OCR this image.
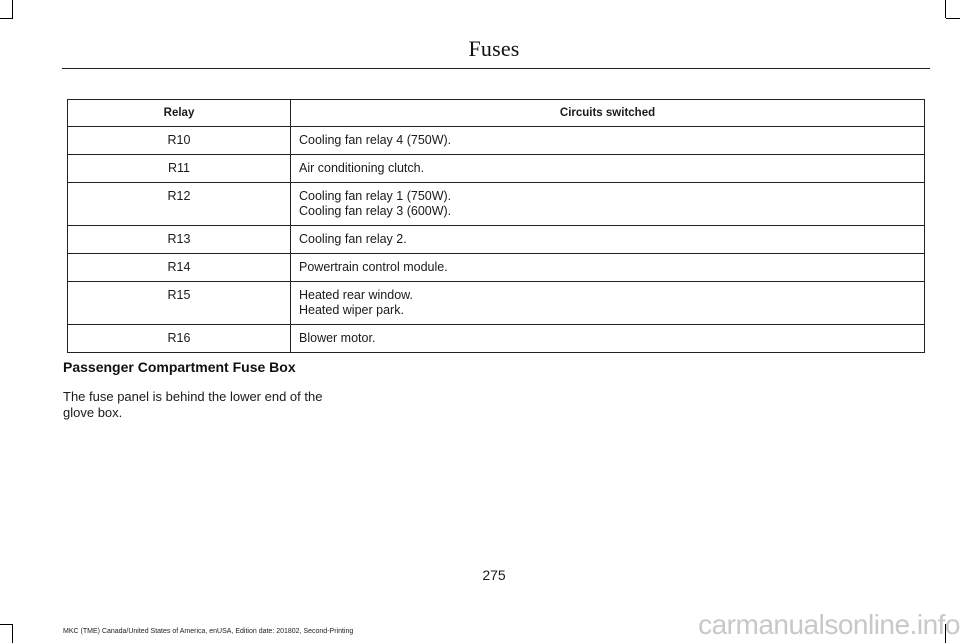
Fuses
Relay	Circuits switched
R10	Cooling fan relay 4 (750W).

R11	Air conditioning clutch.

R12	Cooling fan relay 1 (750W).
Cooling fan relay 3 (600W).

R13	Cooling fan relay 2.

R14	Powertrain control module.

R15	Heated rear window.
Heated wiper park.

R16	Blower motor.
Passenger Compartment Fuse Box
The fuse panel is behind the lower end of the glove box.
275
MKC (TME) Canada/United States of America, enUSA, Edition date: 201802, Second-Printing	carmanualsonline.info
